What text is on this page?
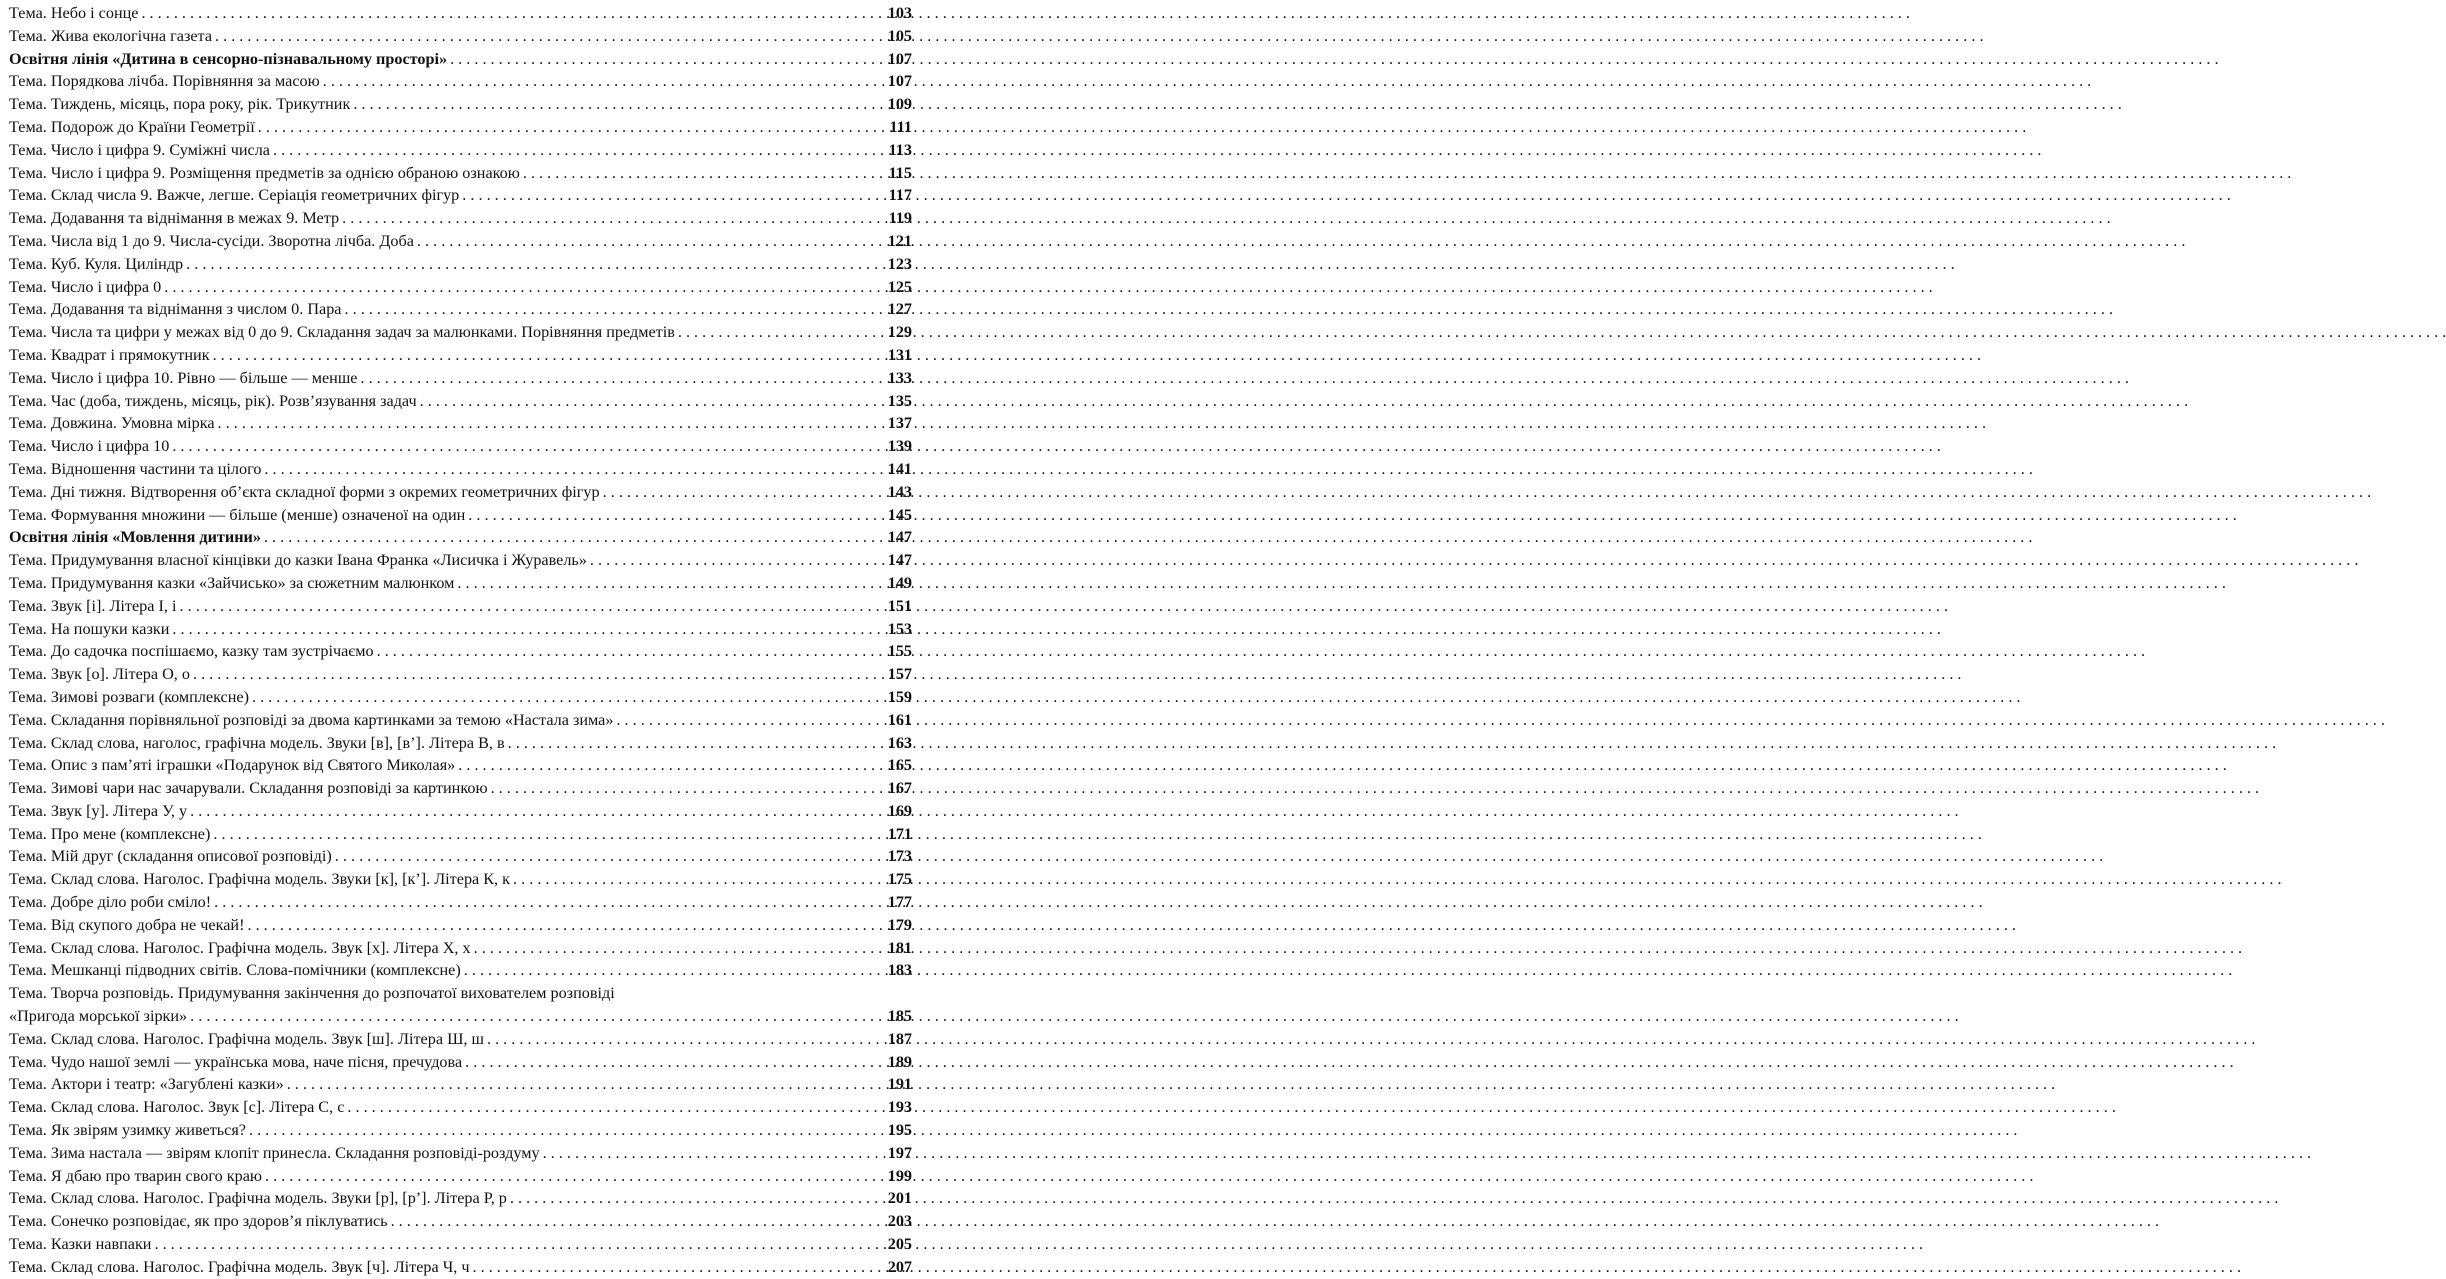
Тема. Небо і сонце . . .	103
Тема. Жива екологічна газета . . .	105
Освітня лінія «Дитина в сенсорно-пізнавальному просторі» . . .	107
Тема. Порядкова лічба. Порівняння за масою . . .	107
Тема. Тиждень, місяць, пора року, рік. Трикутник . . .	109
Тема. Подорож до Країни Геометрії . . .	111
Тема. Число і цифра 9. Суміжні числа . . .	113
Тема. Число і цифра 9. Розміщення предметів за однією обраною ознакою . . .	115
Тема. Склад числа 9. Важче, легше. Серіація геометричних фігур . . .	117
Тема. Додавання та віднімання в межах 9. Метр . . .	119
Тема. Числа від 1 до 9. Числа-сусіди. Зворотна лічба. Доба . . .	121
Тема. Куб. Куля. Циліндр . . .	123
Тема. Число і цифра 0 . . .	125
Тема. Додавання та віднімання з числом 0. Пара . . .	127
Тема. Числа та цифри у межах від 0 до 9. Складання задач за малюнками. Порівняння предметів . . .	129
Тема. Квадрат і прямокутник . . .	131
Тема. Число і цифра 10. Рівно — більше — менше . . .	133
Тема. Час (доба, тиждень, місяць, рік). Розв’язування задач . . .	135
Тема. Довжина. Умовна мірка . . .	137
Тема. Число і цифра 10 . . .	139
Тема. Відношення частини та цілого . . .	141
Тема. Дні тижня. Відтворення об’єкта складної форми з окремих геометричних фігур . . .	143
Тема. Формування множини — більше (менше) означеної на один . . .	145
Освітня лінія «Мовлення дитини» . . .	147
Тема. Придумування власної кінцівки до казки Івана Франка «Лисичка і Журавель» . . .	147
Тема. Придумування казки «Зайчисько» за сюжетним малюнком . . .	149
Тема. Звук [і]. Літера І, і . . .	151
Тема. На пошуки казки . . .	153
Тема. До садочка поспішаємо, казку там зустрічаємо . . .	155
Тема. Звук [о]. Літера О, о . . .	157
Тема. Зимові розваги (комплексне) . . .	159
Тема. Складання порівняльної розповіді за двома картинками за темою «Настала зима» . . .	161
Тема. Склад слова, наголос, графічна модель. Звуки [в], [в’]. Літера В, в . . .	163
Тема. Опис з пам’яті іграшки «Подарунок від Святого Миколая» . . .	165
Тема. Зимові чари нас зачарували. Складання розповіді за картинкою . . .	167
Тема. Звук [у]. Літера У, у . . .	169
Тема. Про мене (комплексне) . . .	171
Тема. Мій друг (складання описової розповіді) . . .	173
Тема. Склад слова. Наголос. Графічна модель. Звуки [к], [к’]. Літера К, к . . .	175
Тема. Добре діло роби сміло! . . .	177
Тема. Від скупого добра не чекай! . . .	179
Тема. Склад слова. Наголос. Графічна модель. Звук [х]. Літера Х, х . . .	181
Тема. Мешканці підводних світів. Слова-помічники (комплексне) . . .	183
Тема. Творча розповідь. Придумування закінчення до розпочатої вихователем розповіді
«Пригода морської зірки» . . .	185
Тема. Склад слова. Наголос. Графічна модель. Звук [ш]. Літера Ш, ш . . .	187
Тема. Чудо нашої землі — українська мова, наче пісня, пречудова . . .	189
Тема. Актори і театр: «Загублені казки» . . .	191
Тема. Склад слова. Наголос. Звук [с]. Літера С, с . . .	193
Тема. Як звірям узимку живеться? . . .	195
Тема. Зима настала — звірям клопіт принесла. Складання розповіді-роздуму . . .	197
Тема. Я дбаю про тварин свого краю . . .	199
Тема. Склад слова. Наголос. Графічна модель. Звуки [р], [р’]. Літера Р, р . . .	201
Тема. Сонечко розповідає, як про здоров’я піклуватись . . .	203
Тема. Казки навпаки . . .	205
Тема. Склад слова. Наголос. Графічна модель. Звук [ч]. Літера Ч, ч . . .	207
